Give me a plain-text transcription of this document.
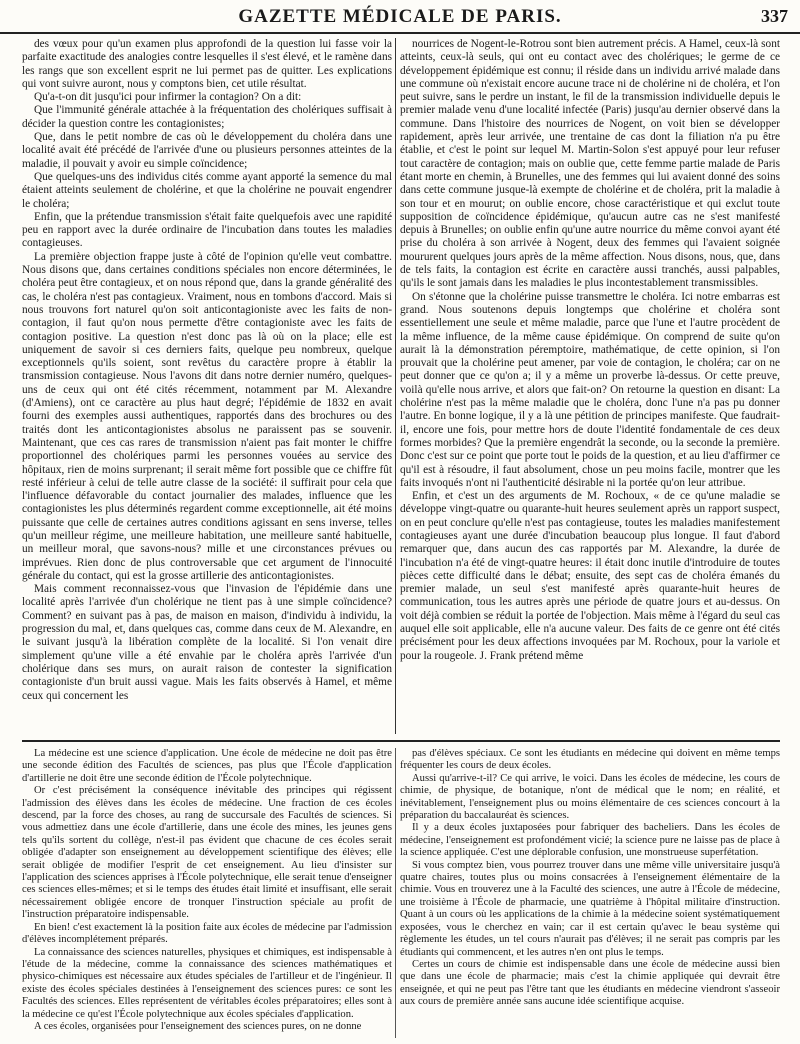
GAZETTE MÉDICALE DE PARIS.	337

des vœux pour qu'un examen plus approfondi de la question lui fasse voir la parfaite exactitude des analogies contre lesquelles il s'est élevé, et le ramène dans les rangs que son excellent esprit ne lui permet pas de quitter. Les explications qui vont suivre auront, nous y comptons bien, cet utile résultat.

Qu'a-t-on dit jusqu'ici pour infirmer la contagion? On a dit:

Que l'immunité générale attachée à la fréquentation des cholériques suffisait à décider la question contre les contagionistes;

Que, dans le petit nombre de cas où le développement du choléra dans une localité avait été précédé de l'arrivée d'une ou plusieurs personnes atteintes de la maladie, il pouvait y avoir eu simple coïncidence;

Que quelques-uns des individus cités comme ayant apporté la semence du mal étaient atteints seulement de cholérine, et que la cholérine ne pouvait engendrer le choléra;

Enfin, que la prétendue transmission s'était faite quelquefois avec une rapidité peu en rapport avec la durée ordinaire de l'incubation dans toutes les maladies contagieuses.

La première objection frappe juste à côté de l'opinion qu'elle veut combattre. Nous disons que, dans certaines conditions spéciales non encore déterminées, le choléra peut être contagieux, et on nous répond que, dans la grande généralité des cas, le choléra n'est pas contagieux. Vraiment, nous en tombons d'accord. Mais si nous trouvons fort naturel qu'on soit anticontagioniste avec les faits de non-contagion, il faut qu'on nous permette d'être contagioniste avec les faits de contagion positive. La question n'est donc pas là où on la place; elle est uniquement de savoir si ces derniers faits, quelque peu nombreux, quelque exceptionnels qu'ils soient, sont revêtus du caractère propre à établir la transmission contagieuse. Nous l'avons dit dans notre dernier numéro, quelques-uns de ceux qui ont été cités récemment, notamment par M. Alexandre (d'Amiens), ont ce caractère au plus haut degré; l'épidémie de 1832 en avait fourni des exemples aussi authentiques, rapportés dans des brochures ou des traités dont les anticontagionistes absolus ne paraissent pas se souvenir. Maintenant, que ces cas rares de transmission n'aient pas fait monter le chiffre proportionnel des cholériques parmi les personnes vouées au service des hôpitaux, rien de moins surprenant; il serait même fort possible que ce chiffre fût resté inférieur à celui de telle autre classe de la société: il suffirait pour cela que l'influence défavorable du contact journalier des malades, influence que les contagionistes les plus déterminés regardent comme exceptionnelle, ait été moins puissante que celle de certaines autres conditions agissant en sens inverse, telles qu'un meilleur régime, une meilleure habitation, une meilleure santé habituelle, un meilleur moral, que savons-nous? mille et une circonstances prévues ou imprévues. Rien donc de plus controversable que cet argument de l'innocuité générale du contact, qui est la grosse artillerie des anticontagionistes.

Mais comment reconnaissez-vous que l'invasion de l'épidémie dans une localité après l'arrivée d'un cholérique ne tient pas à une simple coïncidence? Comment? en suivant pas à pas, de maison en maison, d'individu à individu, la progression du mal, et, dans quelques cas, comme dans ceux de M. Alexandre, en le suivant jusqu'à la libération complète de la localité. Si l'on venait dire simplement qu'une ville a été envahie par le choléra après l'arrivée d'un cholérique dans ses murs, on aurait raison de contester la signification contagioniste d'un bruit aussi vague. Mais les faits observés à Hamel, et même ceux qui concernent les

nourrices de Nogent-le-Rotrou sont bien autrement précis. A Hamel, ceux-là sont atteints, ceux-là seuls, qui ont eu contact avec des cholériques; le germe de ce développement épidémique est connu; il réside dans un individu arrivé malade dans une commune où n'existait encore aucune trace ni de cholérine ni de choléra, et l'on peut suivre, sans le perdre un instant, le fil de la transmission individuelle depuis le premier malade venu d'une localité infectée (Paris) jusqu'au dernier observé dans la commune. Dans l'histoire des nourrices de Nogent, on voit bien se développer rapidement, après leur arrivée, une trentaine de cas dont la filiation n'a pu être établie, et c'est le point sur lequel M. Martin-Solon s'est appuyé pour leur refuser tout caractère de contagion; mais on oublie que, cette femme partie malade de Paris étant morte en chemin, à Brunelles, une des femmes qui lui avaient donné des soins dans cette commune jusque-là exempte de cholérine et de choléra, prit la maladie à son tour et en mourut; on oublie encore, chose caractéristique et qui exclut toute supposition de coïncidence épidémique, qu'aucun autre cas ne s'est manifesté depuis à Brunelles; on oublie enfin qu'une autre nourrice du même convoi ayant été prise du choléra à son arrivée à Nogent, deux des femmes qui l'avaient soignée moururent quelques jours après de la même affection. Nous disons, nous, que, dans de tels faits, la contagion est écrite en caractère aussi tranchés, aussi palpables, qu'ils le sont jamais dans les maladies le plus incontestablement transmissibles.

On s'étonne que la cholérine puisse transmettre le choléra. Ici notre embarras est grand. Nous soutenons depuis longtemps que cholérine et choléra sont essentiellement une seule et même maladie, parce que l'une et l'autre procèdent de la même influence, de la même cause épidémique. On comprend de suite qu'on aurait là la démonstration péremptoire, mathématique, de cette opinion, si l'on prouvait que la cholérine peut amener, par voie de contagion, le choléra; car on ne peut donner que ce qu'on a; il y a même un proverbe là-dessus. Or cette preuve, voilà qu'elle nous arrive, et alors que fait-on? On retourne la question en disant: La cholérine n'est pas la même maladie que le choléra, donc l'une n'a pas pu donner l'autre. En bonne logique, il y a là une pétition de principes manifeste. Que faudrait-il, encore une fois, pour mettre hors de doute l'identité fondamentale de ces deux formes morbides? Que la première engendrât la seconde, ou la seconde la première. Donc c'est sur ce point que porte tout le poids de la question, et au lieu d'affirmer ce qu'il est à résoudre, il faut absolument, chose un peu moins facile, montrer que les faits invoqués n'ont ni l'authenticité désirable ni la portée qu'on leur attribue.

Enfin, et c'est un des arguments de M. Rochoux, « de ce qu'une maladie se développe vingt-quatre ou quarante-huit heures seulement après un rapport suspect, on en peut conclure qu'elle n'est pas contagieuse, toutes les maladies manifestement contagieuses ayant une durée d'incubation beaucoup plus longue. Il faut d'abord remarquer que, dans aucun des cas rapportés par M. Alexandre, la durée de l'incubation n'a été de vingt-quatre heures: il était donc inutile d'introduire de toutes pièces cette difficulté dans le débat; ensuite, des sept cas de choléra émanés du premier malade, un seul s'est manifesté après quarante-huit heures de communication, tous les autres après une période de quatre jours et au-dessus. On voit déjà combien se réduit la portée de l'objection. Mais même à l'égard du seul cas auquel elle soit applicable, elle n'a aucune valeur. Des faits de ce genre ont été cités précisément pour les deux affections invoquées par M. Rochoux, pour la variole et pour la rougeole. J. Frank prétend même

La médecine est une science d'application. Une école de médecine ne doit pas être une seconde édition des Facultés de sciences, pas plus que l'École d'application d'artillerie ne doit être une seconde édition de l'École polytechnique.

Or c'est précisément la conséquence inévitable des principes qui régissent l'admission des élèves dans les écoles de médecine. Une fraction de ces écoles descend, par la force des choses, au rang de succursale des Facultés de sciences. Si vous admettiez dans une école d'artillerie, dans une école des mines, les jeunes gens tels qu'ils sortent du collège, n'est-il pas évident que chacune de ces écoles serait obligée d'adapter son enseignement au développement scientifique des élèves; elle serait obligée de modifier l'esprit de cet enseignement. Au lieu d'insister sur l'application des sciences apprises à l'École polytechnique, elle serait tenue d'enseigner ces sciences elles-mêmes; et si le temps des études était limité et insuffisant, elle serait nécessairement obligée encore de tronquer l'instruction spéciale au profit de l'instruction préparatoire indispensable.

En bien! c'est exactement là la position faite aux écoles de médecine par l'admission d'élèves incomplétement préparés.

La connaissance des sciences naturelles, physiques et chimiques, est indispensable à l'étude de la médecine, comme la connaissance des sciences mathématiques et physico-chimiques est nécessaire aux études spéciales de l'artilleur et de l'ingénieur. Il existe des écoles spéciales destinées à l'enseignement des sciences pures: ce sont les Facultés des sciences. Elles représentent de véritables écoles préparatoires; elles sont à la médecine ce qu'est l'École polytechnique aux écoles spéciales d'application.

A ces écoles, organisées pour l'enseignement des sciences pures, on ne donne

pas d'élèves spéciaux. Ce sont les étudiants en médecine qui doivent en même temps fréquenter les cours de deux écoles.

Aussi qu'arrive-t-il? Ce qui arrive, le voici. Dans les écoles de médecine, les cours de chimie, de physique, de botanique, n'ont de médical que le nom; en réalité, et inévitablement, l'enseignement plus ou moins élémentaire de ces sciences concourt à la préparation du baccalauréat ès sciences.

Il y a deux écoles juxtaposées pour fabriquer des bacheliers. Dans les écoles de médecine, l'enseignement est profondément vicié; la science pure ne laisse pas de place à la science appliquée. C'est une déplorable confusion, une monstrueuse superfétation.

Si vous comptez bien, vous pourrez trouver dans une même ville universitaire jusqu'à quatre chaires, toutes plus ou moins consacrées à l'enseignement élémentaire de la chimie. Vous en trouverez une à la Faculté des sciences, une autre à l'École de médecine, une troisième à l'École de pharmacie, une quatrième à l'hôpital militaire d'instruction. Quant à un cours où les applications de la chimie à la médecine soient systématiquement exposées, vous le cherchez en vain; car il est certain qu'avec le beau système qui règlemente les études, un tel cours n'aurait pas d'élèves; il ne serait pas compris par les étudiants qui commencent, et les autres n'en ont plus le temps.

Certes un cours de chimie est indispensable dans une école de médecine aussi bien que dans une école de pharmacie; mais c'est la chimie appliquée qui devrait être enseignée, et qui ne peut pas l'être tant que les étudiants en médecine viendront s'asseoir aux cours de première année sans aucune idée scientifique acquise.
